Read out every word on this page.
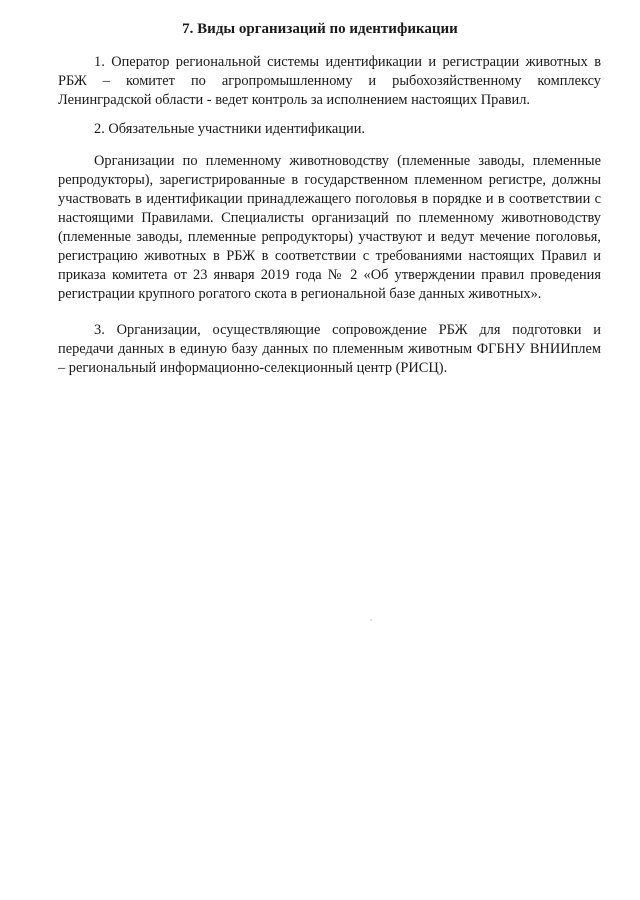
7. Виды организаций по идентификации

1. Оператор региональной системы идентификации и регистрации животных в РБЖ – комитет по агропромышленному и рыбохозяйственному комплексу Ленинградской области - ведет контроль за исполнением настоящих Правил.

2. Обязательные участники идентификации.

Организации по племенному животноводству (племенные заводы, племенные репродукторы), зарегистрированные в государственном племенном регистре, должны участвовать в идентификации принадлежащего поголовья в порядке и в соответствии с настоящими Правилами. Специалисты организаций по племенному животноводству (племенные заводы, племенные репродукторы) участвуют и ведут мечение поголовья, регистрацию животных в РБЖ в соответствии с требованиями настоящих Правил и приказа комитета от 23 января 2019 года № 2 «Об утверждении правил проведения регистрации крупного рогатого скота в региональной базе данных животных».

3. Организации, осуществляющие сопровождение РБЖ для подготовки и передачи данных в единую базу данных по племенным животным ФГБНУ ВНИИплем – региональный информационно-селекционный центр (РИСЦ).
